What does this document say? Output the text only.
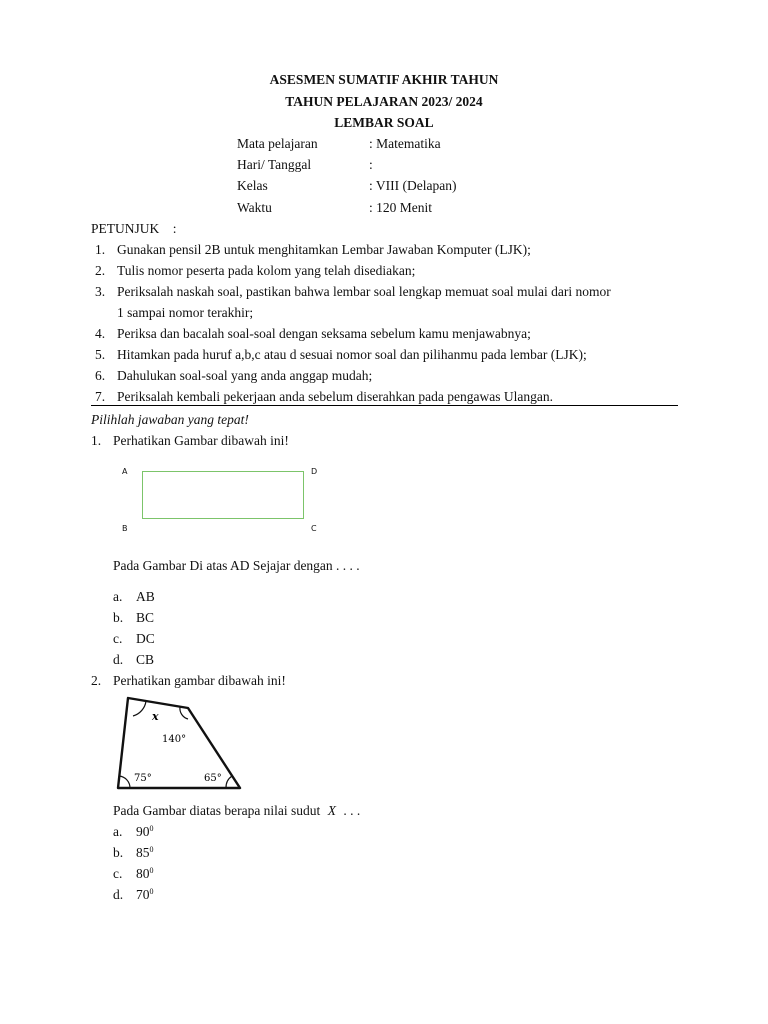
ASESMEN SUMATIF AKHIR TAHUN
TAHUN PELAJARAN 2023/ 2024
LEMBAR SOAL
Mata pelajaran	: Matematika
Hari/ Tanggal	:
Kelas	: VIII (Delapan)
Waktu	: 120 Menit
PETUNJUK    :
1. Gunakan pensil 2B untuk menghitamkan Lembar Jawaban Komputer (LJK);
2. Tulis nomor peserta pada kolom yang telah disediakan;
3. Periksalah naskah soal, pastikan bahwa lembar soal lengkap memuat soal mulai dari nomor
1 sampai nomor terakhir;
4. Periksa dan bacalah soal-soal dengan seksama sebelum kamu menjawabnya;
5. Hitamkan pada huruf a,b,c atau d sesuai nomor soal dan pilihanmu pada lembar (LJK);
6. Dahulukan soal-soal yang anda anggap mudah;
7. Periksalah kembali pekerjaan anda sebelum diserahkan pada pengawas Ulangan.
Pilihlah jawaban yang tepat!
1. Perhatikan Gambar dibawah ini!
A	D
B	C
Pada Gambar Di atas AD Sejajar dengan . . . .
a. AB
b. BC
c. DC
d. CB
2. Perhatikan gambar dibawah ini!
x
140°
75°	65°
Pada Gambar diatas berapa nilai sudut X . . .
a. $90^0$
b. $85^0$
c. $80^0$
d. $70^0$
